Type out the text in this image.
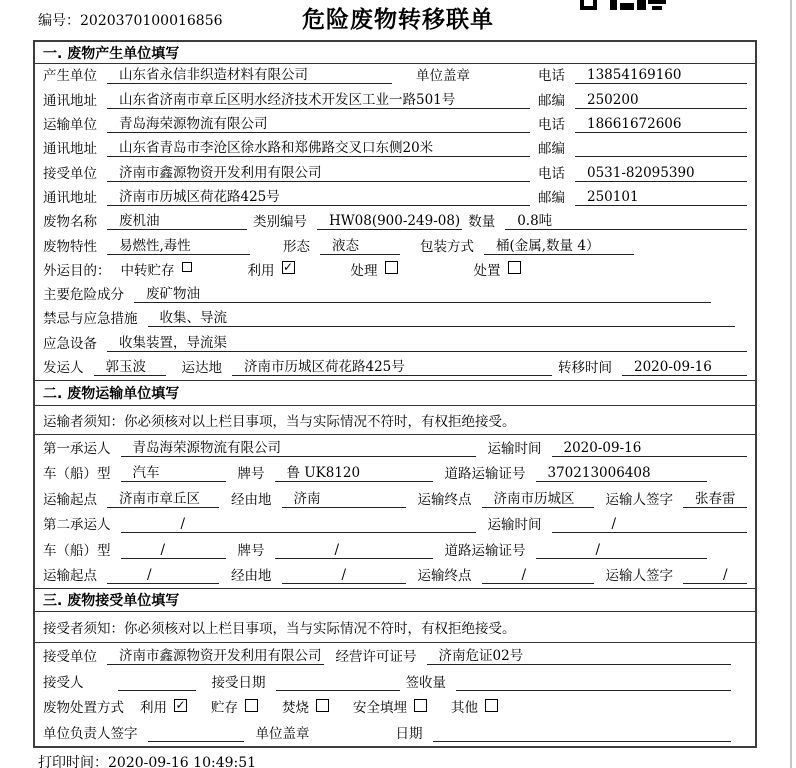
编号：2020370100016856	危险废物转移联单
一. 废物产生单位填写
产生单位	山东省永信非织造材料有限公司	单位盖章	电话	13854169160
通讯地址	山东省济南市章丘区明水经济技术开发区工业一路501号	邮编	250200
运输单位	青岛海荣源物流有限公司	电话	18661672606
通讯地址	山东省青岛市李沧区徐水路和郑佛路交叉口东侧20米	邮编
接受单位	济南市鑫源物资开发利用有限公司	电话	0531-82095390
通讯地址	济南市历城区荷花路425号	邮编	250101
废物名称	废机油	类别编号	HW08(900-249-08) 数量	0.8吨
废物特性	易燃性,毒性	形态	液态	包装方式	桶(金属,数量 4）
外运目的： 中转贮存	利用 ✓	处理	处置
主要危险成分	废矿物油
禁忌与应急措施	收集、导流
应急设备	收集装置，导流渠
发运人	郭玉波	运达地	济南市历城区荷花路425号	转移时间	2020-09-16
二. 废物运输单位填写
运输者须知：你必须核对以上栏目事项，当与实际情况不符时，有权拒绝接受。
第一承运人	青岛海荣源物流有限公司	运输时间	2020-09-16
车（船）型	汽车	牌号	鲁 UK8120	道路运输证号	370213006408
运输起点	济南市章丘区	经由地	济南	运输终点	济南市历城区	运输人签字	张春雷
第二承运人	/	运输时间	/
车（船）型	/	牌号	/	道路运输证号	/
运输起点	/	经由地	/	运输终点	/	运输人签字	/
三. 废物接受单位填写
接受者须知：你必须核对以上栏目事项，当与实际情况不符时，有权拒绝接受。
接受单位	济南市鑫源物资开发利用有限公司 经营许可证号	济南危证02号
接受人	接受日期	签收量
废物处置方式 利用 ✓ 贮存	焚烧	安全填埋	其他
单位负责人签字	单位盖章	日期
打印时间：2020-09-16 10:49:51
